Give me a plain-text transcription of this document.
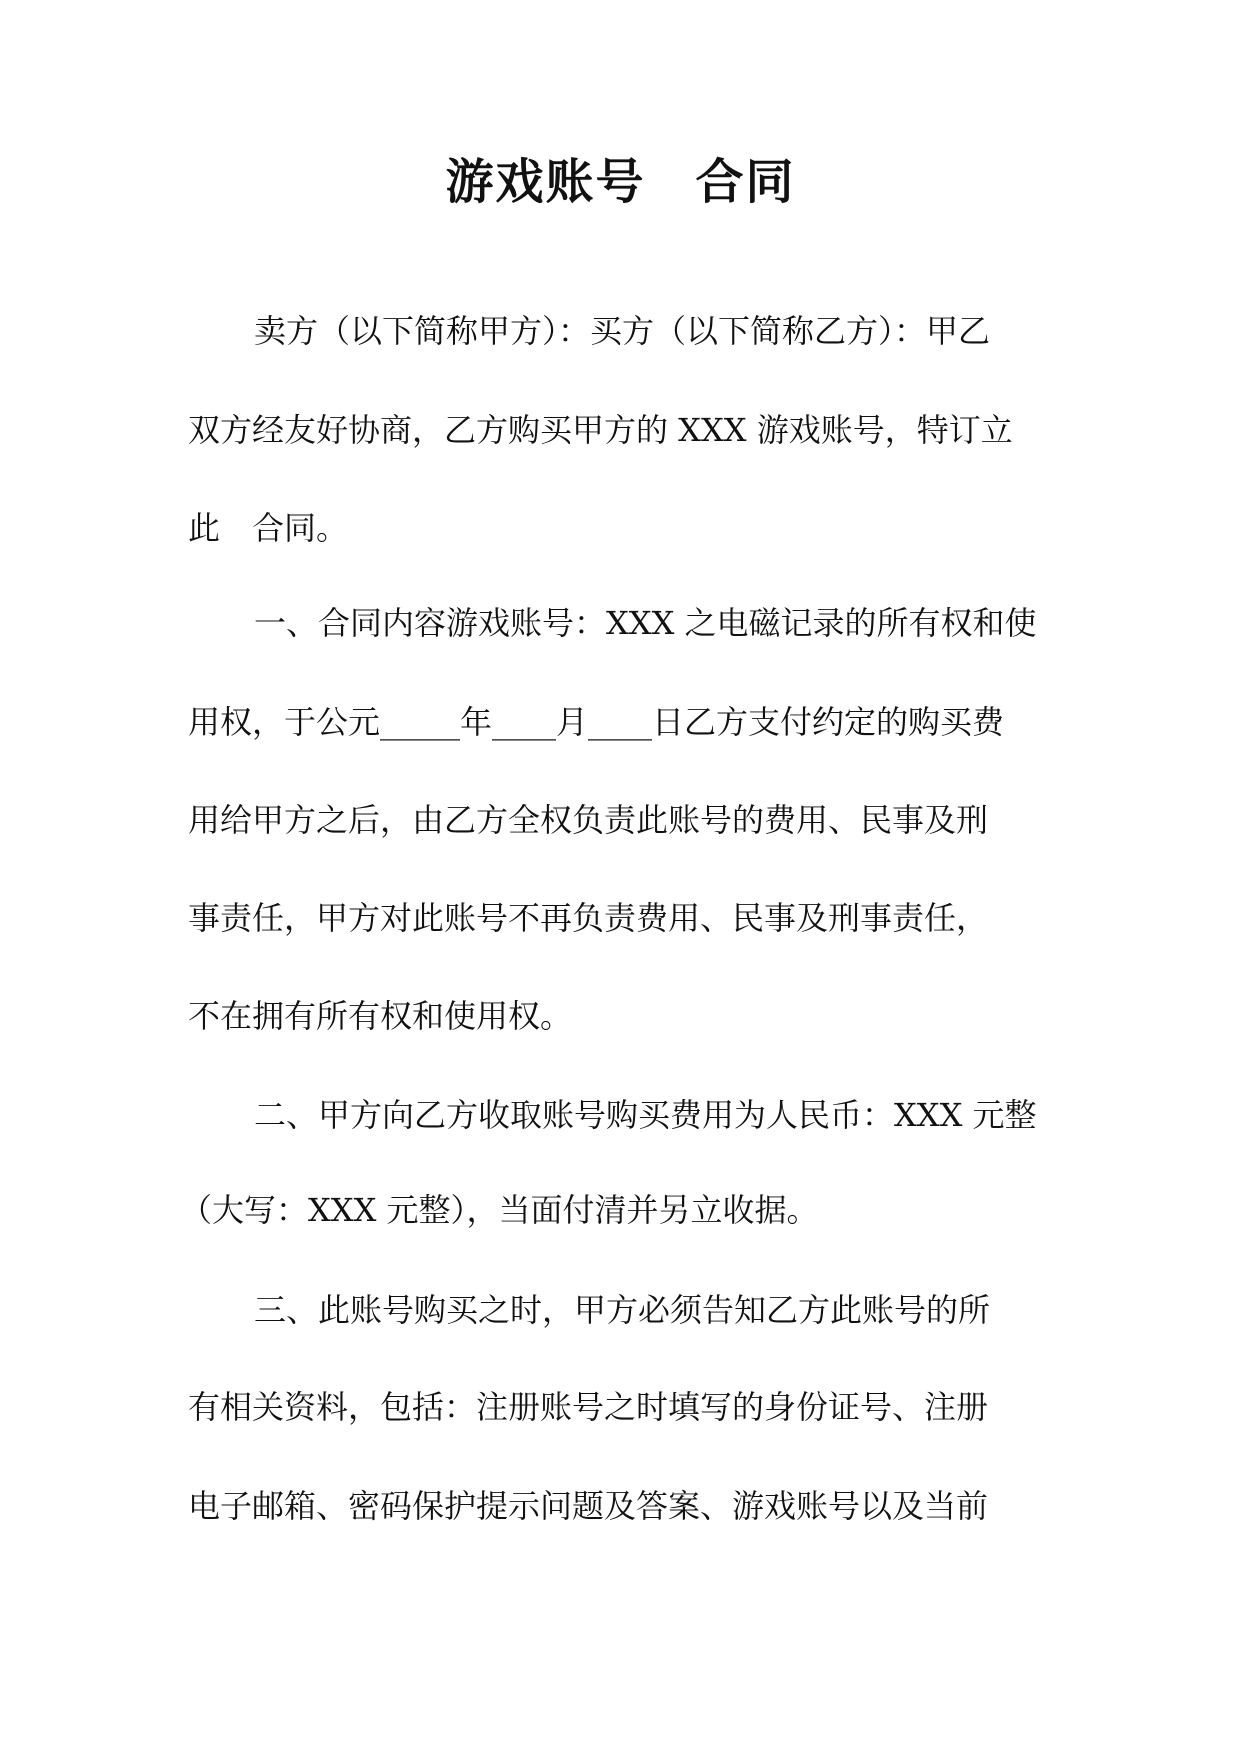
游戏账号　合同

卖方（以下简称甲方）：买方（以下简称乙方）：甲乙

双方经友好协商，乙方购买甲方的 XXX 游戏账号，特订立

此　合同。

一、合同内容游戏账号：XXX 之电磁记录的所有权和使

用权，于公元_____年____月____日乙方支付约定的购买费

用给甲方之后，由乙方全权负责此账号的费用、民事及刑

事责任，甲方对此账号不再负责费用、民事及刑事责任，

不在拥有所有权和使用权。

二、甲方向乙方收取账号购买费用为人民币：XXX 元整

（大写：XXX 元整），当面付清并另立收据。

三、此账号购买之时，甲方必须告知乙方此账号的所

有相关资料，包括：注册账号之时填写的身份证号、注册

电子邮箱、密码保护提示问题及答案、游戏账号以及当前
